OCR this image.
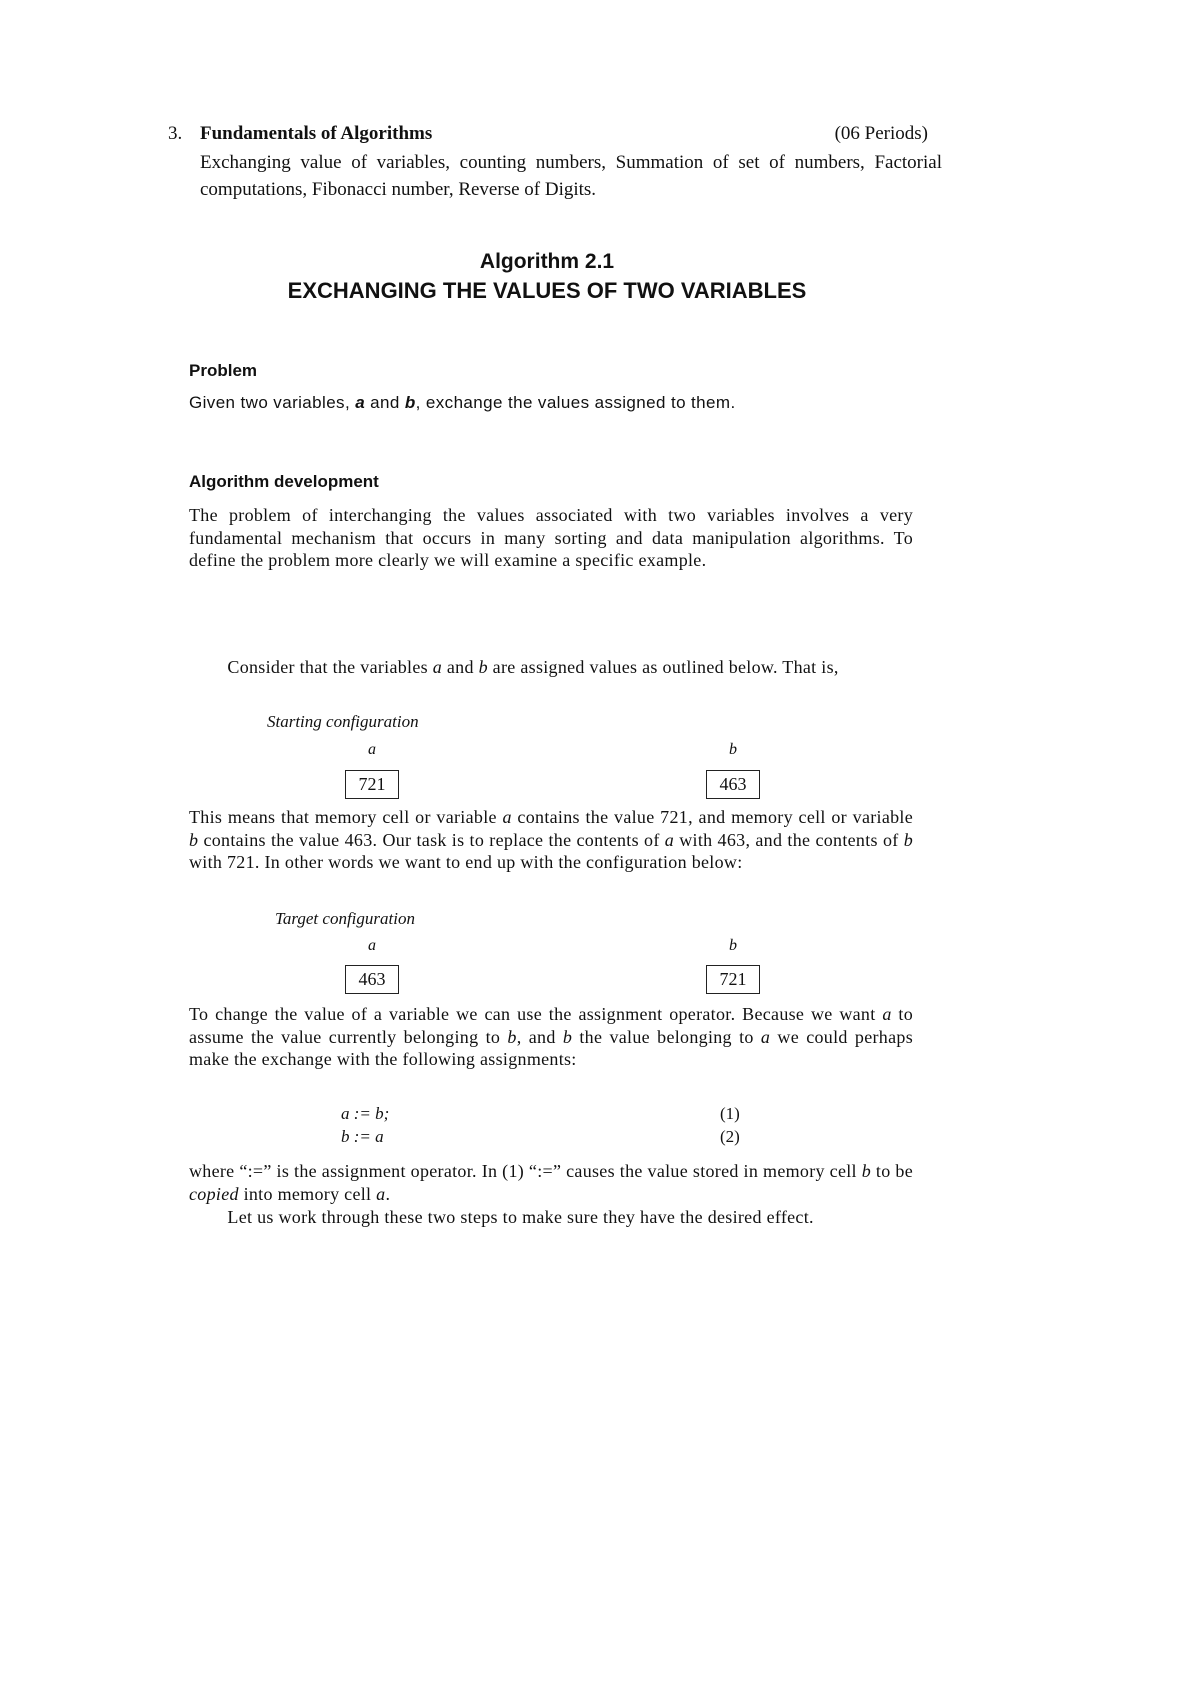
3. Fundamentals of Algorithms	(06 Periods)
Exchanging value of variables, counting numbers, Summation of set of numbers, Factorial computations, Fibonacci number, Reverse of Digits.
Algorithm 2.1
EXCHANGING THE VALUES OF TWO VARIABLES
Problem
Given two variables, a and b, exchange the values assigned to them.
Algorithm development
The problem of interchanging the values associated with two variables involves a very fundamental mechanism that occurs in many sorting and data manipulation algorithms. To define the problem more clearly we will examine a specific example.
Consider that the variables a and b are assigned values as outlined below. That is,
Starting configuration
a	b
721	463
This means that memory cell or variable a contains the value 721, and memory cell or variable b contains the value 463. Our task is to replace the contents of a with 463, and the contents of b with 721. In other words we want to end up with the configuration below:
Target configuration
a	b
463	721
To change the value of a variable we can use the assignment operator. Because we want a to assume the value currently belonging to b, and b the value belonging to a we could perhaps make the exchange with the following assignments:
a := b;	(1)
b := a	(2)
where “:=” is the assignment operator. In (1) “:=” causes the value stored in memory cell b to be copied into memory cell a.
Let us work through these two steps to make sure they have the desired effect.
